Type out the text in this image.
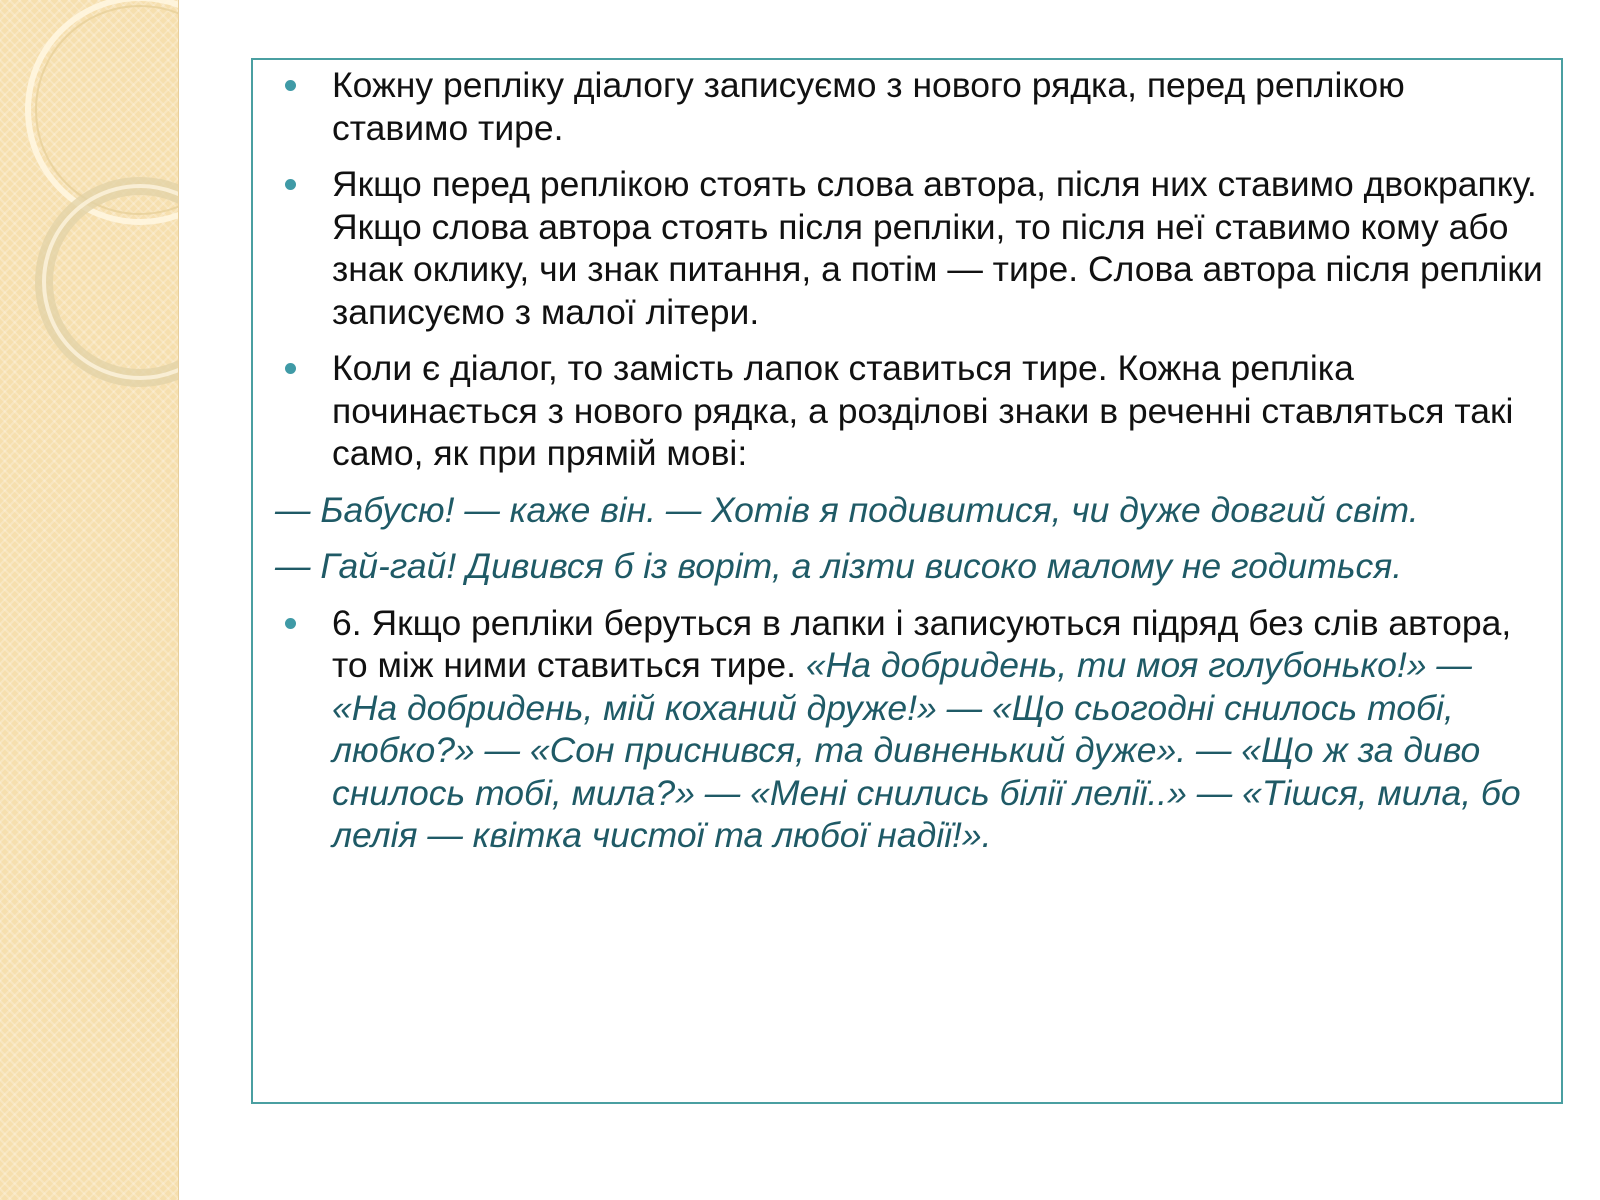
Кожну репліку діалогу записуємо з нового рядка, перед реплікою ставимо тире.
Якщо перед реплікою стоять слова автора, після них ставимо двокрапку. Якщо слова автора стоять після репліки, то після неї ставимо кому або знак оклику, чи знак питання, а потім — тире. Слова автора після репліки записуємо з малої літери.
Коли є діалог, то замість лапок ставиться тире. Кожна репліка починається з нового рядка, а розділові знаки в реченні ставляться такі само, як при прямій мові:
— Бабусю! — каже він. — Хотів я подивитися, чи дуже довгий світ.
— Гай-гай! Дивився б із воріт, а лізти високо малому не годиться.
6. Якщо репліки беруться в лапки і записуються підряд без слів автора, то між ними ставиться тире. «На добридень, ти моя голубонько!» — «На добридень, мій коханий друже!» — «Що сьогодні снилось тобі, любко?» — «Сон приснився, та дивненький дуже». — «Що ж за диво снилось тобі, мила?» — «Мені снились білії лелії..» — «Тішся, мила, бо лелія — квітка чистої та любої надії!».
